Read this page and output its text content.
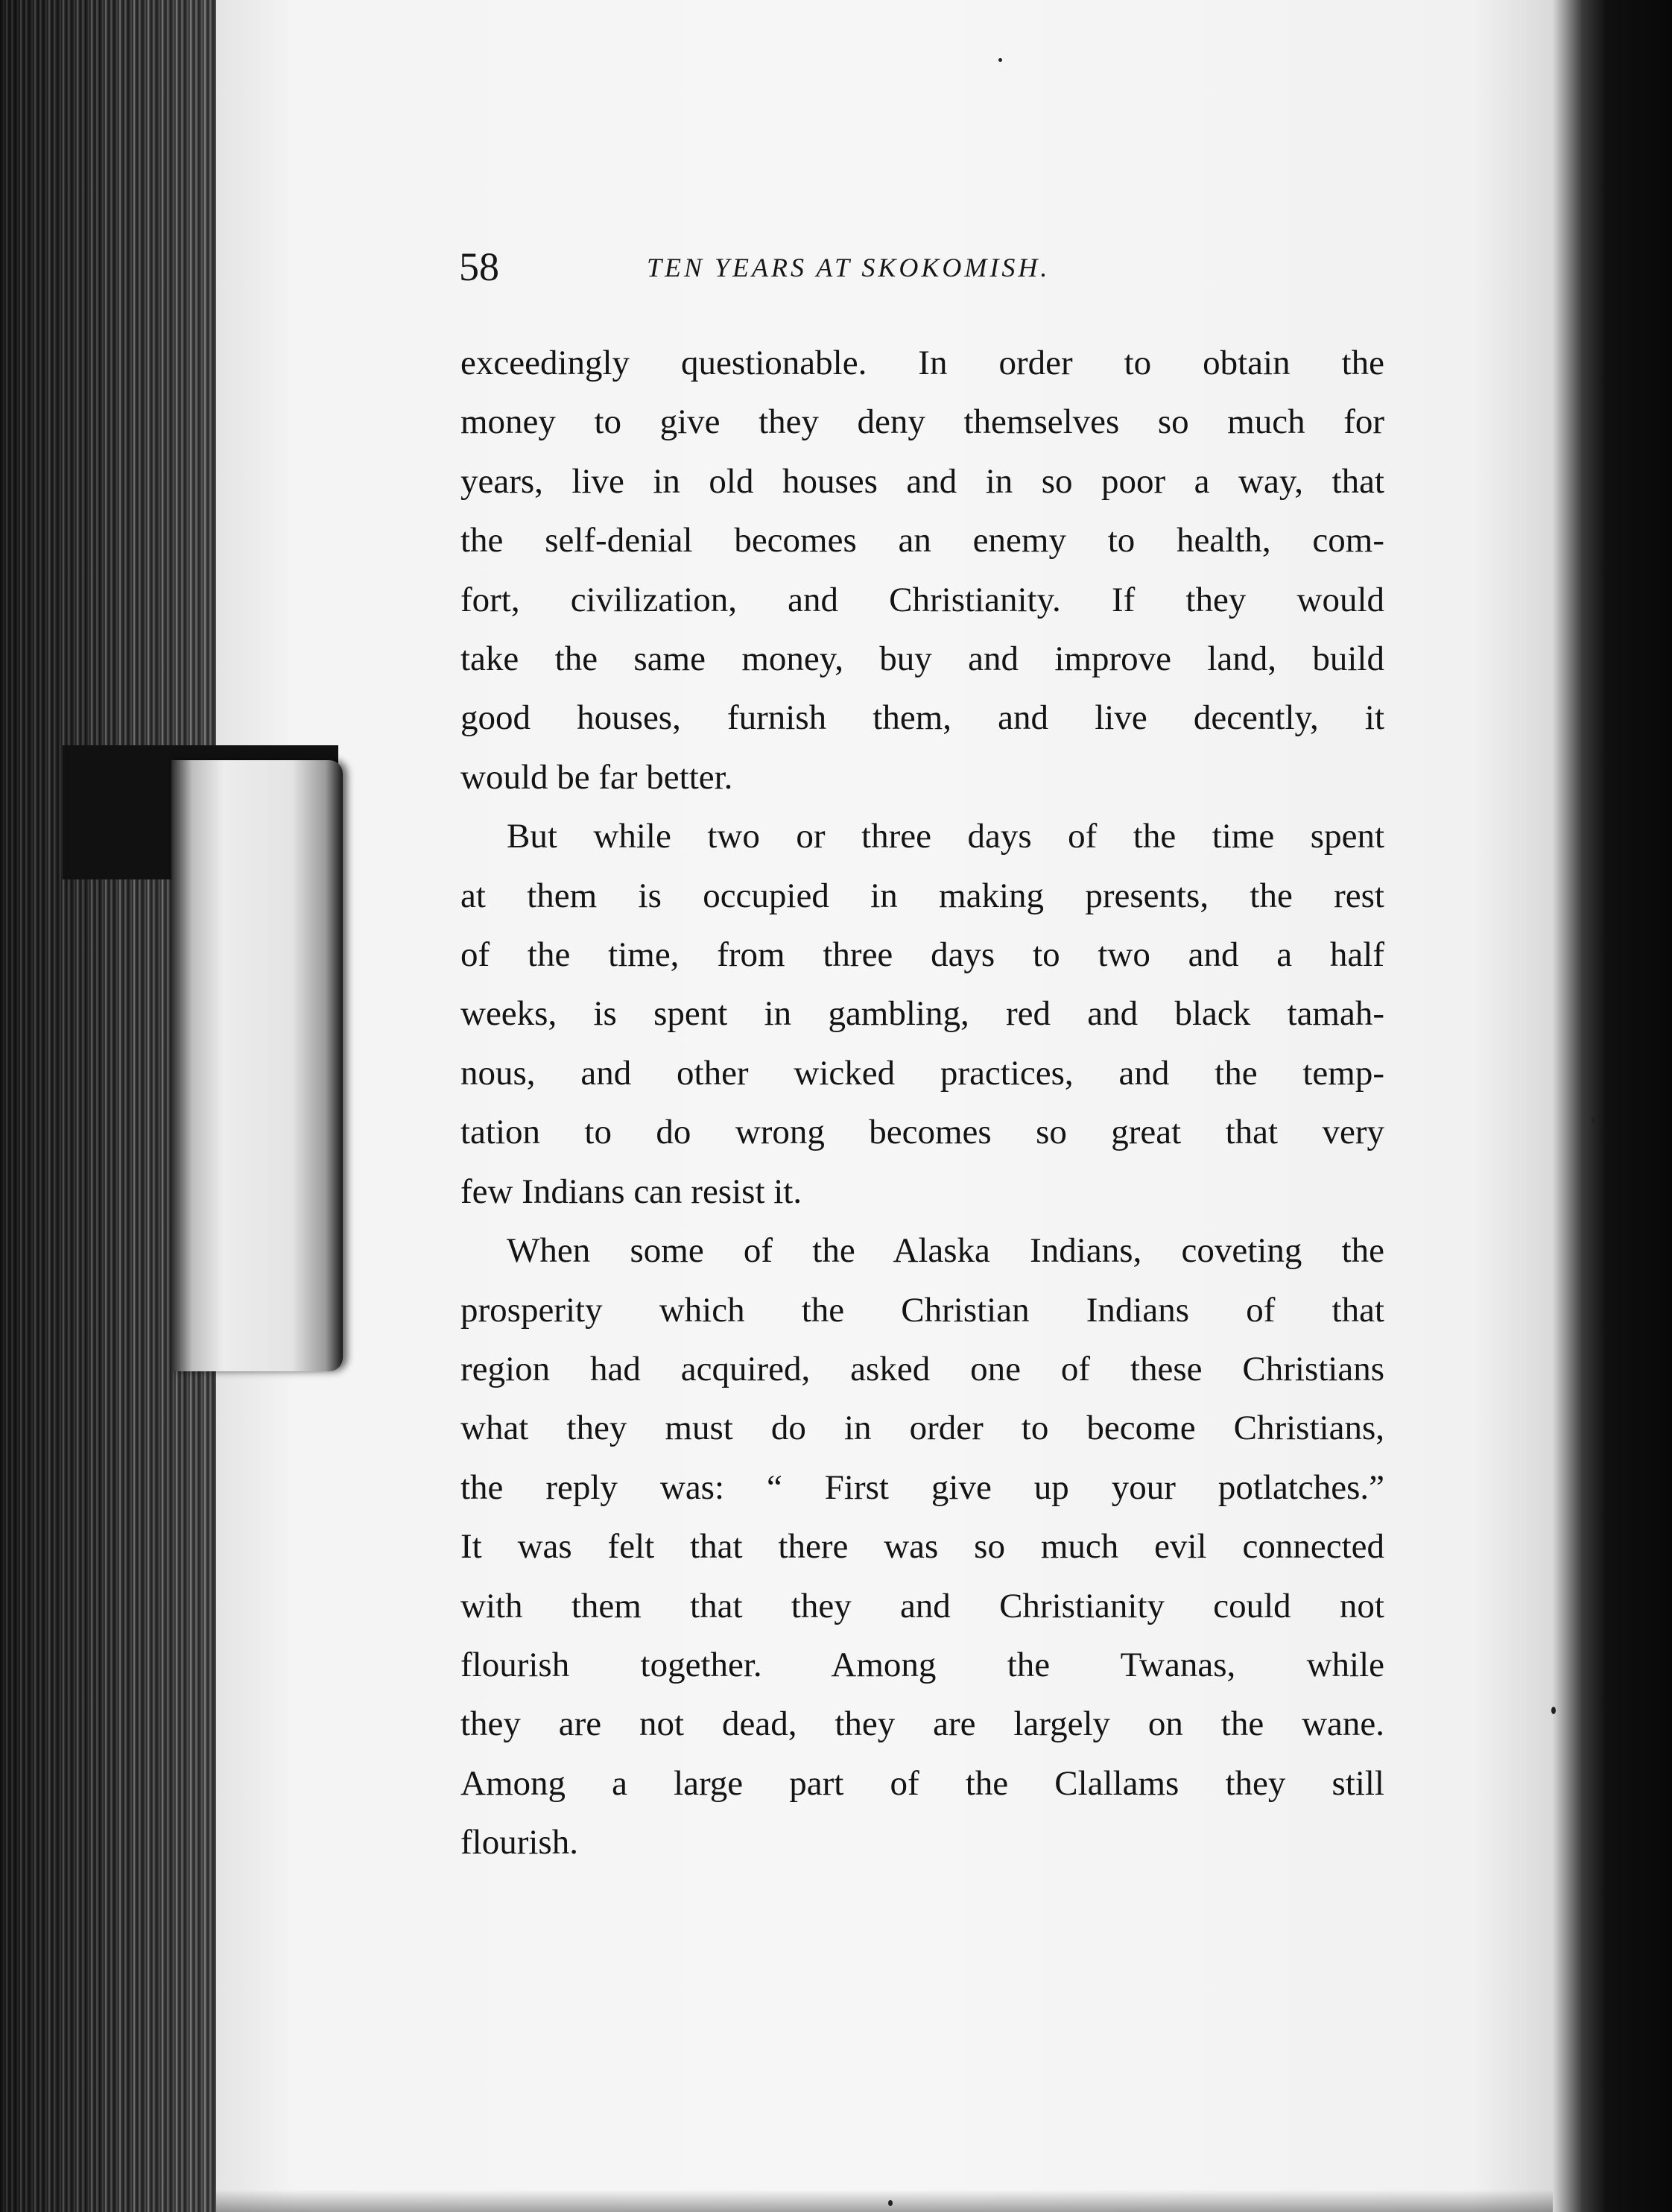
58	TEN YEARS AT SKOKOMISH.

exceedingly questionable. In order to obtain the
money to give they deny themselves so much for
years, live in old houses and in so poor a way, that
the self-denial becomes an enemy to health, com-
fort, civilization, and Christianity. If they would
take the same money, buy and improve land, build
good houses, furnish them, and live decently, it
would be far better.

But while two or three days of the time spent
at them is occupied in making presents, the rest
of the time, from three days to two and a half
weeks, is spent in gambling, red and black tamah-
nous, and other wicked practices, and the temp-
tation to do wrong becomes so great that very
few Indians can resist it.

When some of the Alaska Indians, coveting the
prosperity which the Christian Indians of that
region had acquired, asked one of these Christians
what they must do in order to become Christians,
the reply was: “ First give up your potlatches.”
It was felt that there was so much evil connected
with them that they and Christianity could not
flourish together. Among the Twanas, while
they are not dead, they are largely on the wane.
Among a large part of the Clallams they still
flourish.
